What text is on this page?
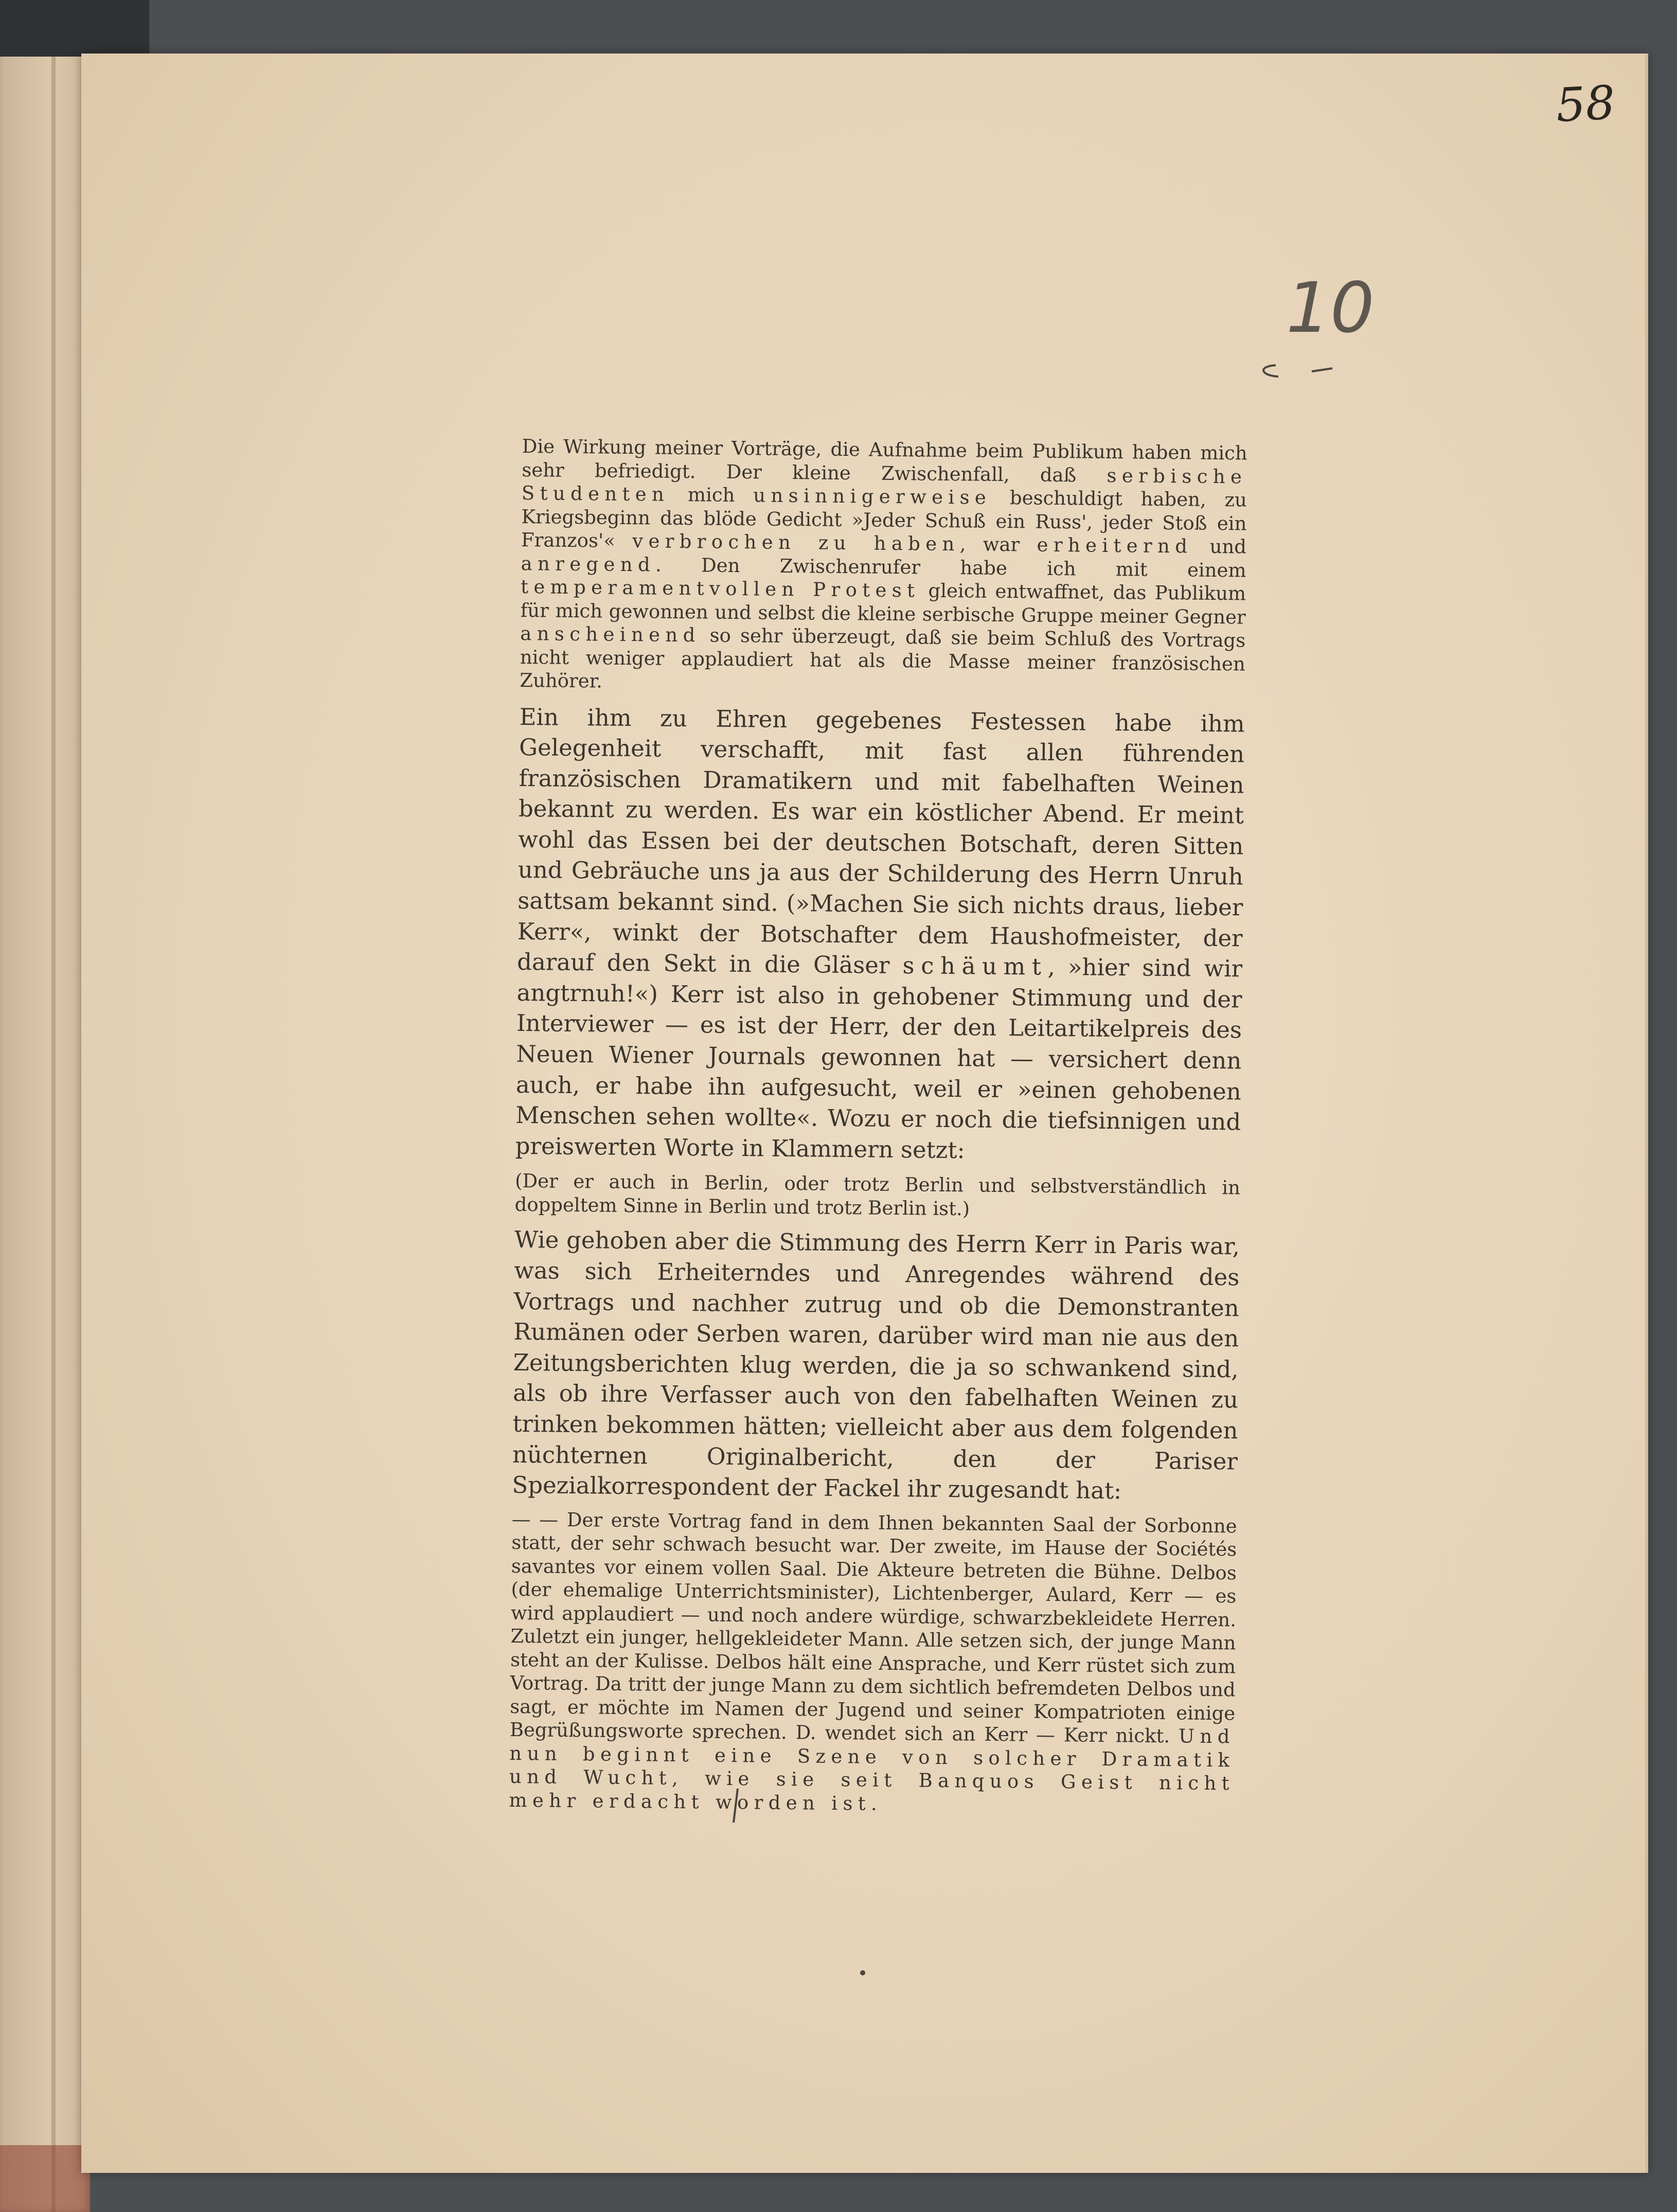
58
10

Die Wirkung meiner Vorträge, die Aufnahme beim Publikum haben mich sehr befriedigt. Der kleine Zwischenfall, daß serbische Studenten mich unsinnigerweise beschuldigt haben, zu Kriegsbeginn das blöde Gedicht »Jeder Schuß ein Russ', jeder Stoß ein Franzos'« verbrochen zu haben, war erheiternd und anregend. Den Zwischenrufer habe ich mit einem temperamentvollen Protest gleich entwaffnet, das Publikum für mich gewonnen und selbst die kleine serbische Gruppe meiner Gegner anscheinend so sehr überzeugt, daß sie beim Schluß des Vortrags nicht weniger applaudiert hat als die Masse meiner französischen Zuhörer.

Ein ihm zu Ehren gegebenes Festessen habe ihm Gelegenheit verschafft, mit fast allen führenden französischen Dramatikern und mit fabelhaften Weinen bekannt zu werden. Es war ein köstlicher Abend. Er meint wohl das Essen bei der deutschen Botschaft, deren Sitten und Gebräuche uns ja aus der Schilderung des Herrn Unruh sattsam bekannt sind. (»Machen Sie sich nichts draus, lieber Kerr«, winkt der Botschafter dem Haushofmeister, der darauf den Sekt in die Gläser schäumt, »hier sind wir angtrnuh!«) Kerr ist also in gehobener Stimmung und der Interviewer — es ist der Herr, der den Leitartikelpreis des Neuen Wiener Journals gewonnen hat — versichert denn auch, er habe ihn aufgesucht, weil er »einen gehobenen Menschen sehen wollte«. Wozu er noch die tiefsinnigen und preiswerten Worte in Klammern setzt:

(Der er auch in Berlin, oder trotz Berlin und selbstverständlich in doppeltem Sinne in Berlin und trotz Berlin ist.)

Wie gehoben aber die Stimmung des Herrn Kerr in Paris war, was sich Erheiterndes und Anregendes während des Vortrags und nachher zutrug und ob die Demonstranten Rumänen oder Serben waren, darüber wird man nie aus den Zeitungsberichten klug werden, die ja so schwankend sind, als ob ihre Verfasser auch von den fabelhaften Weinen zu trinken bekommen hätten; vielleicht aber aus dem folgenden nüchternen Originalbericht, den der Pariser Spezialkorrespondent der Fackel ihr zugesandt hat:

— — Der erste Vortrag fand in dem Ihnen bekannten Saal der Sorbonne statt, der sehr schwach besucht war. Der zweite, im Hause der Sociétés savantes vor einem vollen Saal. Die Akteure betreten die Bühne. Delbos (der ehemalige Unterrichtsminister), Lichtenberger, Aulard, Kerr — es wird applaudiert — und noch andere würdige, schwarzbekleidete Herren. Zuletzt ein junger, hellgekleideter Mann. Alle setzen sich, der junge Mann steht an der Kulisse. Delbos hält eine Ansprache, und Kerr rüstet sich zum Vortrag. Da tritt der junge Mann zu dem sichtlich befremdeten Delbos und sagt, er möchte im Namen der Jugend und seiner Kompatrioten einige Begrüßungsworte sprechen. D. wendet sich an Kerr — Kerr nickt. Und nun beginnt eine Szene von solcher Dramatik und Wucht, wie sie seit Banquos Geist nicht mehr erdacht worden ist.
